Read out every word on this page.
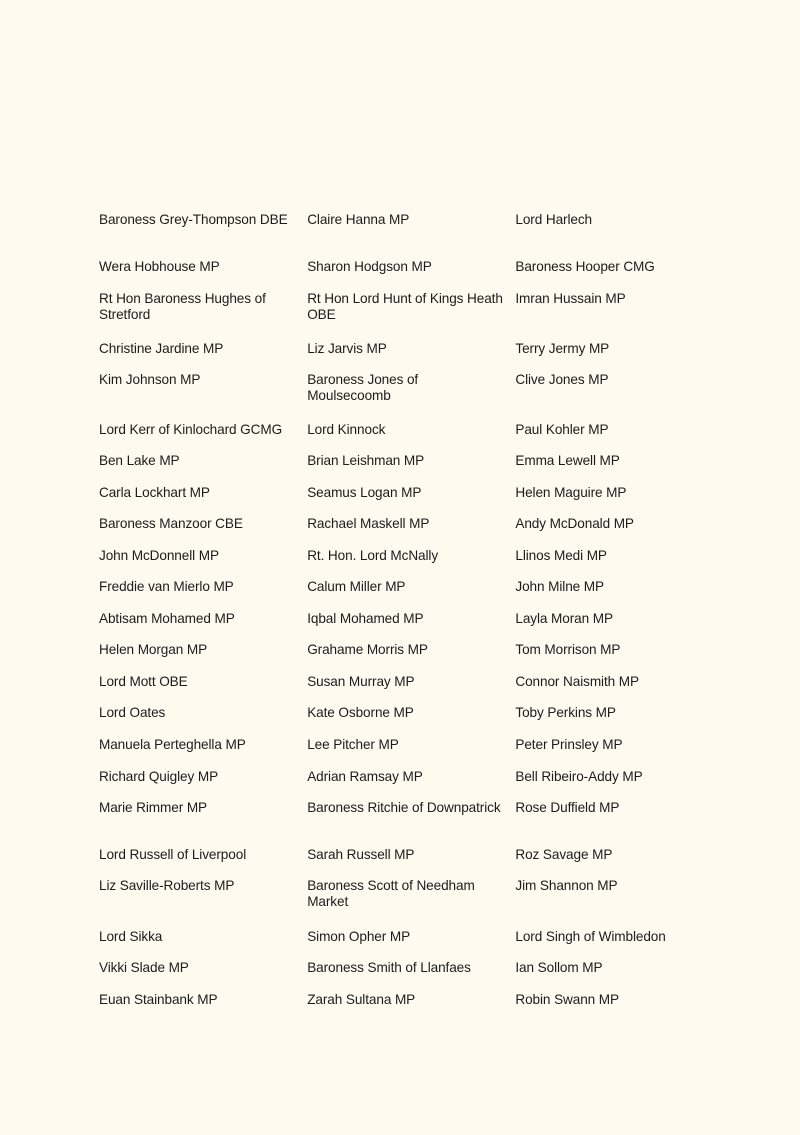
Baroness Grey-Thompson DBE	Claire Hanna MP	Lord Harlech

Wera Hobhouse MP	Sharon Hodgson MP	Baroness Hooper CMG

Rt Hon Baroness Hughes of Stretford	Rt Hon Lord Hunt of Kings Heath OBE	Imran Hussain MP

Christine Jardine MP	Liz Jarvis MP	Terry Jermy MP

Kim Johnson MP	Baroness Jones of Moulsecoomb	Clive Jones MP

Lord Kerr of Kinlochard GCMG	Lord Kinnock	Paul Kohler MP

Ben Lake MP	Brian Leishman MP	Emma Lewell MP

Carla Lockhart MP	Seamus Logan MP	Helen Maguire MP

Baroness Manzoor CBE	Rachael Maskell MP	Andy McDonald MP

John McDonnell MP	Rt. Hon. Lord McNally	Llinos Medi MP

Freddie van Mierlo MP	Calum Miller MP	John Milne MP

Abtisam Mohamed MP	Iqbal Mohamed MP	Layla Moran MP

Helen Morgan MP	Grahame Morris MP	Tom Morrison MP

Lord Mott OBE	Susan Murray MP	Connor Naismith MP

Lord Oates	Kate Osborne MP	Toby Perkins MP

Manuela Perteghella MP	Lee Pitcher MP	Peter Prinsley MP

Richard Quigley MP	Adrian Ramsay MP	Bell Ribeiro-Addy MP

Marie Rimmer MP	Baroness Ritchie of Downpatrick	Rose Duffield MP

Lord Russell of Liverpool	Sarah Russell MP	Roz Savage MP

Liz Saville-Roberts MP	Baroness Scott of Needham Market	Jim Shannon MP

Lord Sikka	Simon Opher MP	Lord Singh of Wimbledon

Vikki Slade MP	Baroness Smith of Llanfaes	Ian Sollom MP

Euan Stainbank MP	Zarah Sultana MP	Robin Swann MP
